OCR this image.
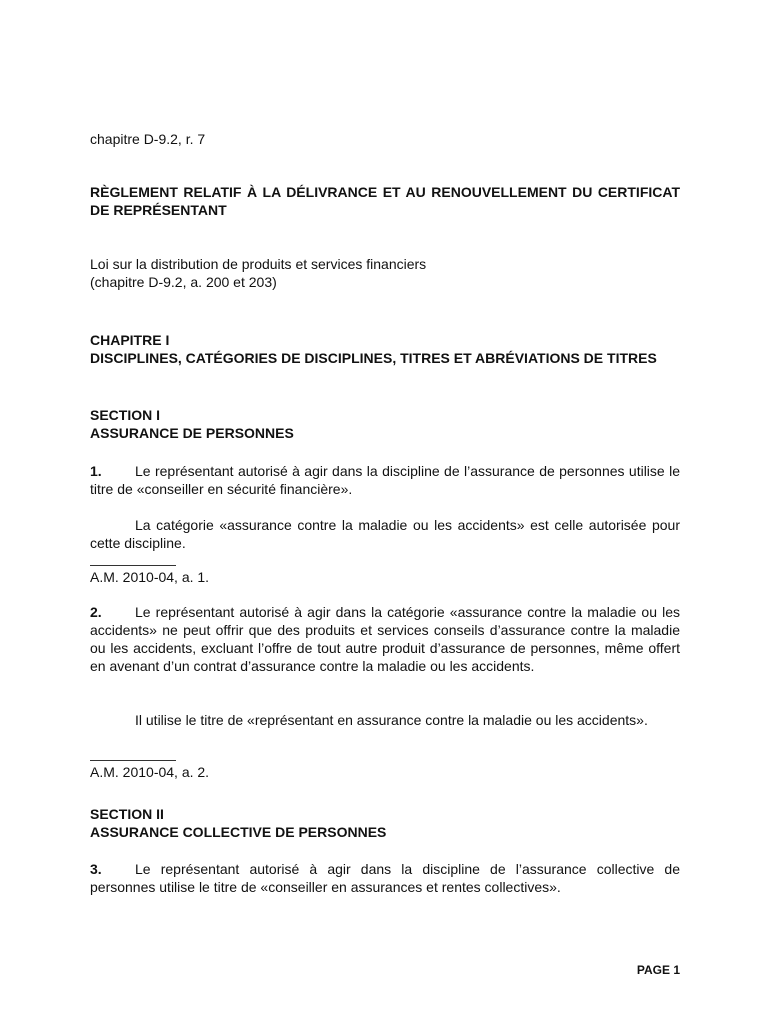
chapitre D-9.2, r. 7

RÈGLEMENT RELATIF À LA DÉLIVRANCE ET AU RENOUVELLEMENT DU CERTIFICAT DE REPRÉSENTANT

Loi sur la distribution de produits et services financiers

(chapitre D-9.2, a. 200 et 203)

CHAPITRE I

DISCIPLINES, CATÉGORIES DE DISCIPLINES, TITRES ET ABRÉVIATIONS DE TITRES

SECTION I

ASSURANCE DE PERSONNES

1. Le représentant autorisé à agir dans la discipline de l’assurance de personnes utilise le titre de «conseiller en sécurité financière».

La catégorie «assurance contre la maladie ou les accidents» est celle autorisée pour cette discipline.

A.M. 2010-04, a. 1.

2. Le représentant autorisé à agir dans la catégorie «assurance contre la maladie ou les accidents» ne peut offrir que des produits et services conseils d’assurance contre la maladie ou les accidents, excluant l’offre de tout autre produit d’assurance de personnes, même offert en avenant d’un contrat d’assurance contre la maladie ou les accidents.

Il utilise le titre de «représentant en assurance contre la maladie ou les accidents».

A.M. 2010-04, a. 2.

SECTION II

ASSURANCE COLLECTIVE DE PERSONNES

3. Le représentant autorisé à agir dans la discipline de l’assurance collective de personnes utilise le titre de «conseiller en assurances et rentes collectives».

PAGE 1
